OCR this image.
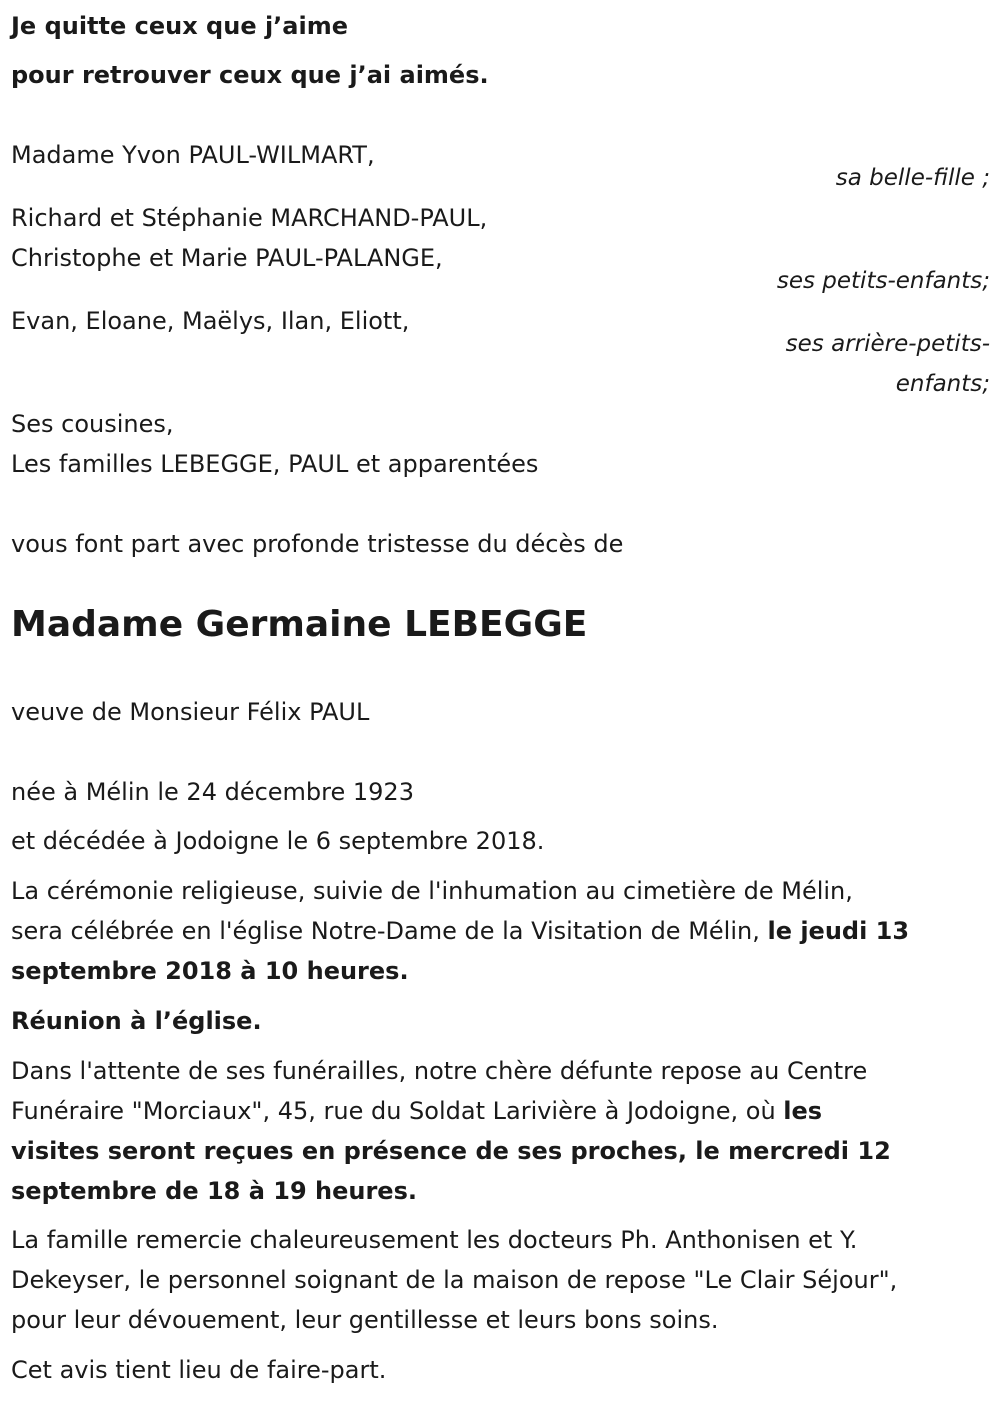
Je quitte ceux que j’aime

pour retrouver ceux que j’ai aimés.

Madame Yvon PAUL-WILMART,

sa belle-fille ;

Richard et Stéphanie MARCHAND-PAUL,

Christophe et Marie PAUL-PALANGE,

ses petits-enfants;

Evan, Eloane, Maëlys, Ilan, Eliott,

ses arrière-petits-
enfants;

Ses cousines,

Les familles LEBEGGE, PAUL et apparentées

vous font part avec profonde tristesse du décès de

Madame Germaine LEBEGGE

veuve de Monsieur Félix PAUL

née à Mélin le 24 décembre 1923

et décédée à Jodoigne le 6 septembre 2018.

La cérémonie religieuse, suivie de l'inhumation au cimetière de Mélin,

sera célébrée en l'église Notre-Dame de la Visitation de Mélin, le jeudi 13

septembre 2018 à 10 heures.

Réunion à l’église.

Dans l'attente de ses funérailles, notre chère défunte repose au Centre

Funéraire "Morciaux", 45, rue du Soldat Larivière à Jodoigne, où les

visites seront reçues en présence de ses proches, le mercredi 12

septembre de 18 à 19 heures.

La famille remercie chaleureusement les docteurs Ph. Anthonisen et Y.

Dekeyser, le personnel soignant de la maison de repose "Le Clair Séjour",

pour leur dévouement, leur gentillesse et leurs bons soins.

Cet avis tient lieu de faire-part.
